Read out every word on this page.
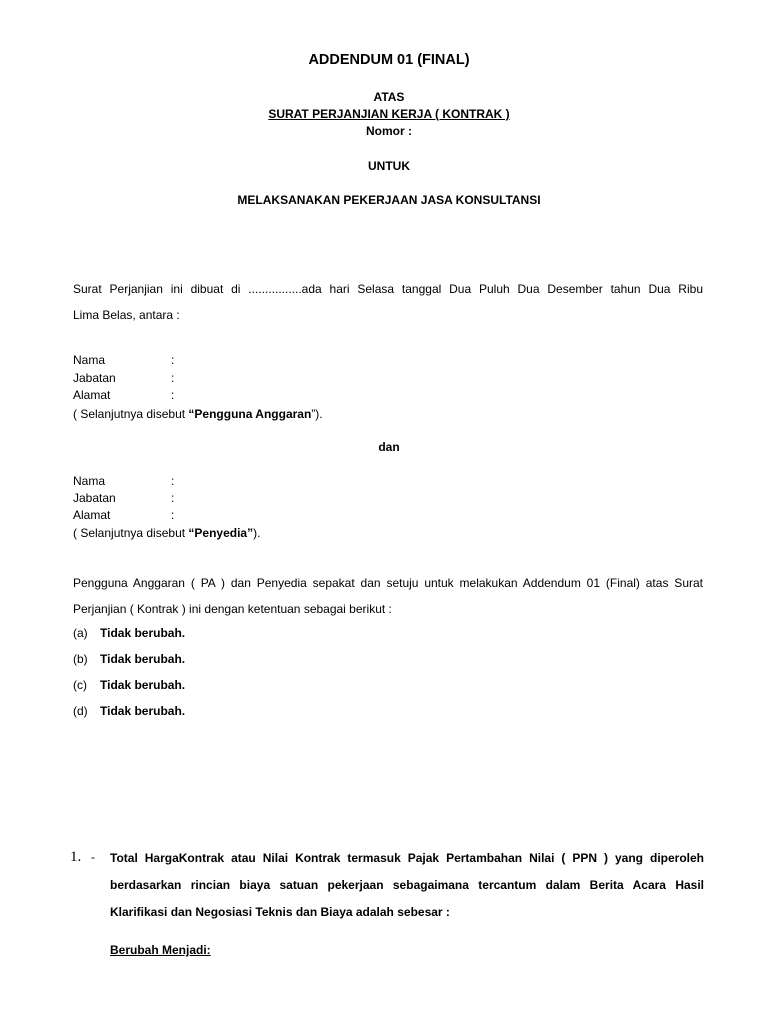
ADDENDUM 01 (FINAL)
ATAS
SURAT PERJANJIAN KERJA ( KONTRAK )
Nomor :
UNTUK
MELAKSANAKAN PEKERJAAN JASA KONSULTANSI
Surat Perjanjian ini dibuat di ................ada hari Selasa tanggal Dua Puluh Dua Desember tahun Dua Ribu
Lima Belas, antara :
Nama	:
Jabatan	:
Alamat	:
( Selanjutnya disebut “Pengguna Anggaran”).
dan
Nama	:
Jabatan	:
Alamat	:
( Selanjutnya disebut “Penyedia”).
Pengguna Anggaran ( PA ) dan Penyedia sepakat dan setuju untuk melakukan Addendum 01 (Final) atas Surat
Perjanjian ( Kontrak ) ini dengan ketentuan sebagai berikut :
(a) Tidak berubah.
(b) Tidak berubah.
(c) Tidak berubah.
(d) Tidak berubah.
1. - Total HargaKontrak atau Nilai Kontrak termasuk Pajak Pertambahan Nilai ( PPN ) yang diperoleh
berdasarkan rincian biaya satuan pekerjaan sebagaimana tercantum dalam Berita Acara Hasil
Klarifikasi dan Negosiasi Teknis dan Biaya adalah sebesar :
Berubah Menjadi:
